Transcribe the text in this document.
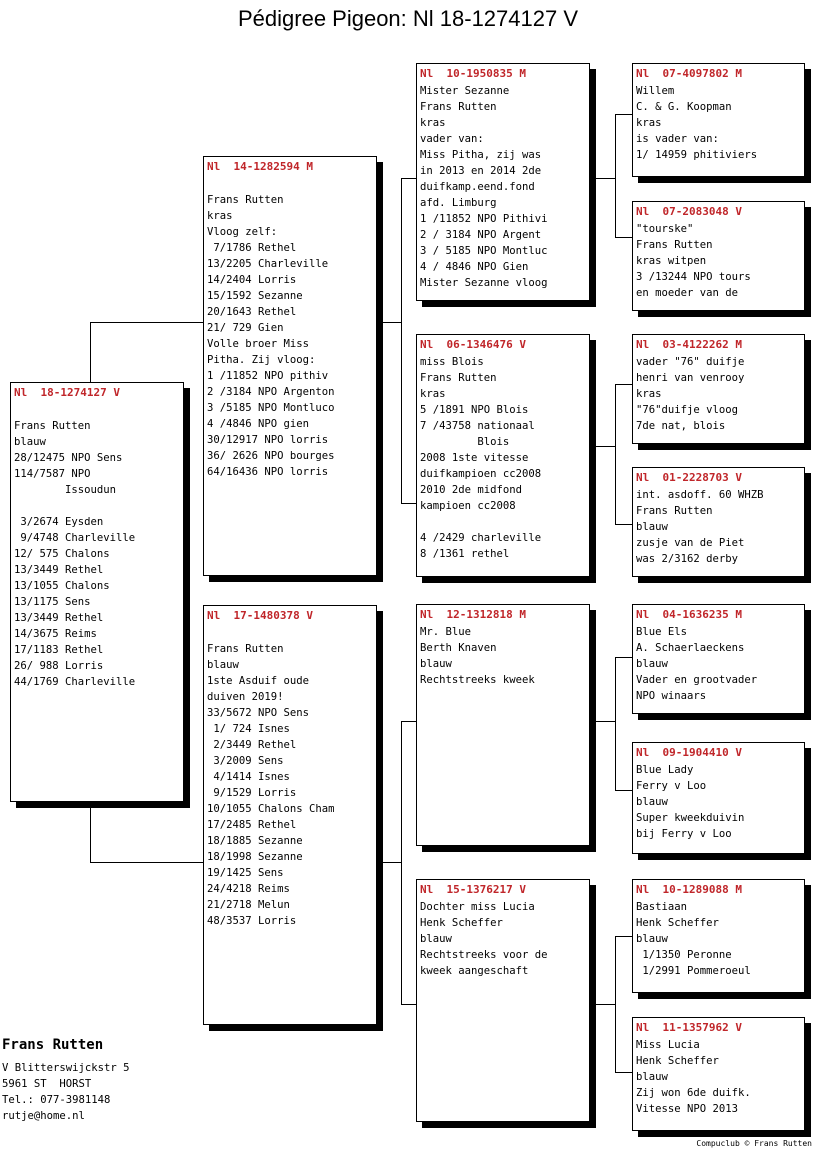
Pédigree Pigeon: Nl 18-1274127 V
Nl  18-1274127 V

Frans Rutten
blauw
28/12475 NPO Sens
114/7587 NPO
Issoudun

3/2674 Eysden
9/4748 Charleville
12/ 575 Chalons
13/3449 Rethel
13/1055 Chalons
13/1175 Sens
13/3449 Rethel
14/3675 Reims
17/1183 Rethel
26/ 988 Lorris
44/1769 Charleville
Nl  14-1282594 M

Frans Rutten
kras
Vloog zelf:
7/1786 Rethel
13/2205 Charleville
14/2404 Lorris
15/1592 Sezanne
20/1643 Rethel
21/ 729 Gien
Volle broer Miss
Pitha. Zij vloog:
1 /11852 NPO pithiv
2 /3184 NPO Argenton
3 /5185 NPO Montluco
4 /4846 NPO gien
30/12917 NPO lorris
36/ 2626 NPO bourges
64/16436 NPO lorris
Nl  17-1480378 V

Frans Rutten
blauw
1ste Asduif oude
duiven 2019!
33/5672 NPO Sens
1/ 724 Isnes
2/3449 Rethel
3/2009 Sens
4/1414 Isnes
9/1529 Lorris
10/1055 Chalons Cham
17/2485 Rethel
18/1885 Sezanne
18/1998 Sezanne
19/1425 Sens
24/4218 Reims
21/2718 Melun
48/3537 Lorris
Nl  10-1950835 M
Mister Sezanne
Frans Rutten
kras
vader van:
Miss Pitha, zij was
in 2013 en 2014 2de
duifkamp.eend.fond
afd. Limburg
1 /11852 NPO Pithivi
2 / 3184 NPO Argent
3 / 5185 NPO Montluc
4 / 4846 NPO Gien
Mister Sezanne vloog
Nl  06-1346476 V
miss Blois
Frans Rutten
kras
5 /1891 NPO Blois
7 /43758 nationaal
Blois
2008 1ste vitesse
duifkampioen cc2008
2010 2de midfond
kampioen cc2008

4 /2429 charleville
8 /1361 rethel
Nl  12-1312818 M
Mr. Blue
Berth Knaven
blauw
Rechtstreeks kweek
Nl  15-1376217 V
Dochter miss Lucia
Henk Scheffer
blauw
Rechtstreeks voor de
kweek aangeschaft
Nl  07-4097802 M
Willem
C. & G. Koopman
kras
is vader van:
1/ 14959 phitiviers
Nl  07-2083048 V
"tourske"
Frans Rutten
kras witpen
3 /13244 NPO tours
en moeder van de
Nl  03-4122262 M
vader "76" duifje
henri van venrooy
kras
"76"duifje vloog
7de nat, blois
Nl  01-2228703 V
int. asdoff. 60 WHZB
Frans Rutten
blauw
zusje van de Piet
was 2/3162 derby
Nl  04-1636235 M
Blue Els
A. Schaerlaeckens
blauw
Vader en grootvader
NPO winaars
Nl  09-1904410 V
Blue Lady
Ferry v Loo
blauw
Super kweekduivin
bij Ferry v Loo
Nl  10-1289088 M
Bastiaan
Henk Scheffer
blauw
1/1350 Peronne
1/2991 Pommeroeul
Nl  11-1357962 V
Miss Lucia
Henk Scheffer
blauw
Zij won 6de duifk.
Vitesse NPO 2013
Frans Rutten
V Blitterswijckstr 5
5961 ST  HORST
Tel.: 077-3981148
rutje@home.nl
Compuclub © Frans Rutten
